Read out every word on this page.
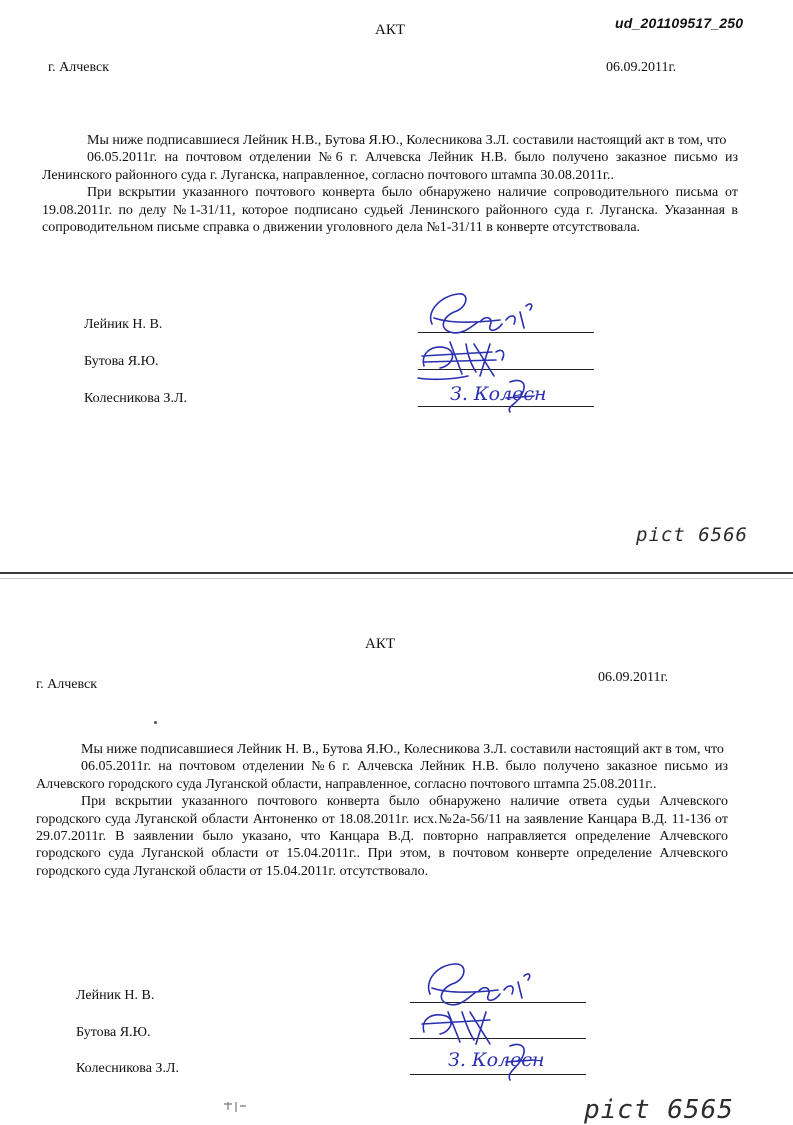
АКТ	ud_201109517_250
г. Алчевск	06.09.2011г.

Мы ниже подписавшиеся Лейник Н.В., Бутова Я.Ю., Колесникова З.Л. составили настоящий акт в том, что

06.05.2011г. на почтовом отделении №6 г. Алчевска Лейник Н.В. было получено заказное письмо из Ленинского районного суда г. Луганска, направленное, согласно почтового штампа 30.08.2011г..

При вскрытии указанного почтового конверта было обнаружено наличие сопроводительного письма от 19.08.2011г. по делу №1-31/11, которое подписано судьей Ленинского районного суда г. Луганска. Указанная в сопроводительном письме справка о движении уголовного дела №1-31/11 в конверте отсутствовала.

Лейник Н. В.
Бутова Я.Ю.
Колесникова З.Л.	З. Колесн
pict 6566
АКТ
г. Алчевск	06.09.2011г.

Мы ниже подписавшиеся Лейник Н. В., Бутова Я.Ю., Колесникова З.Л. составили настоящий акт в том, что

06.05.2011г. на почтовом отделении №6 г. Алчевска Лейник Н.В. было получено заказное письмо из Алчевского городского суда Луганской области, направленное, согласно почтового штампа 25.08.2011г..

При вскрытии указанного почтового конверта было обнаружено наличие ответа судьи Алчевского городского суда Луганской области Антоненко от 18.08.2011г. исх.№2а-56/11 на заявление Канцара В.Д. 11-136 от 29.07.2011г. В заявлении было указано, что Канцара В.Д. повторно направляется определение Алчевского городского суда Луганской области от 15.04.2011г.. При этом, в почтовом конверте определение Алчевского городского суда Луганской области от 15.04.2011г. отсутствовало.

Лейник Н. В.
Бутова Я.Ю.
Колесникова З.Л.	З. Колесн
pict 6565
